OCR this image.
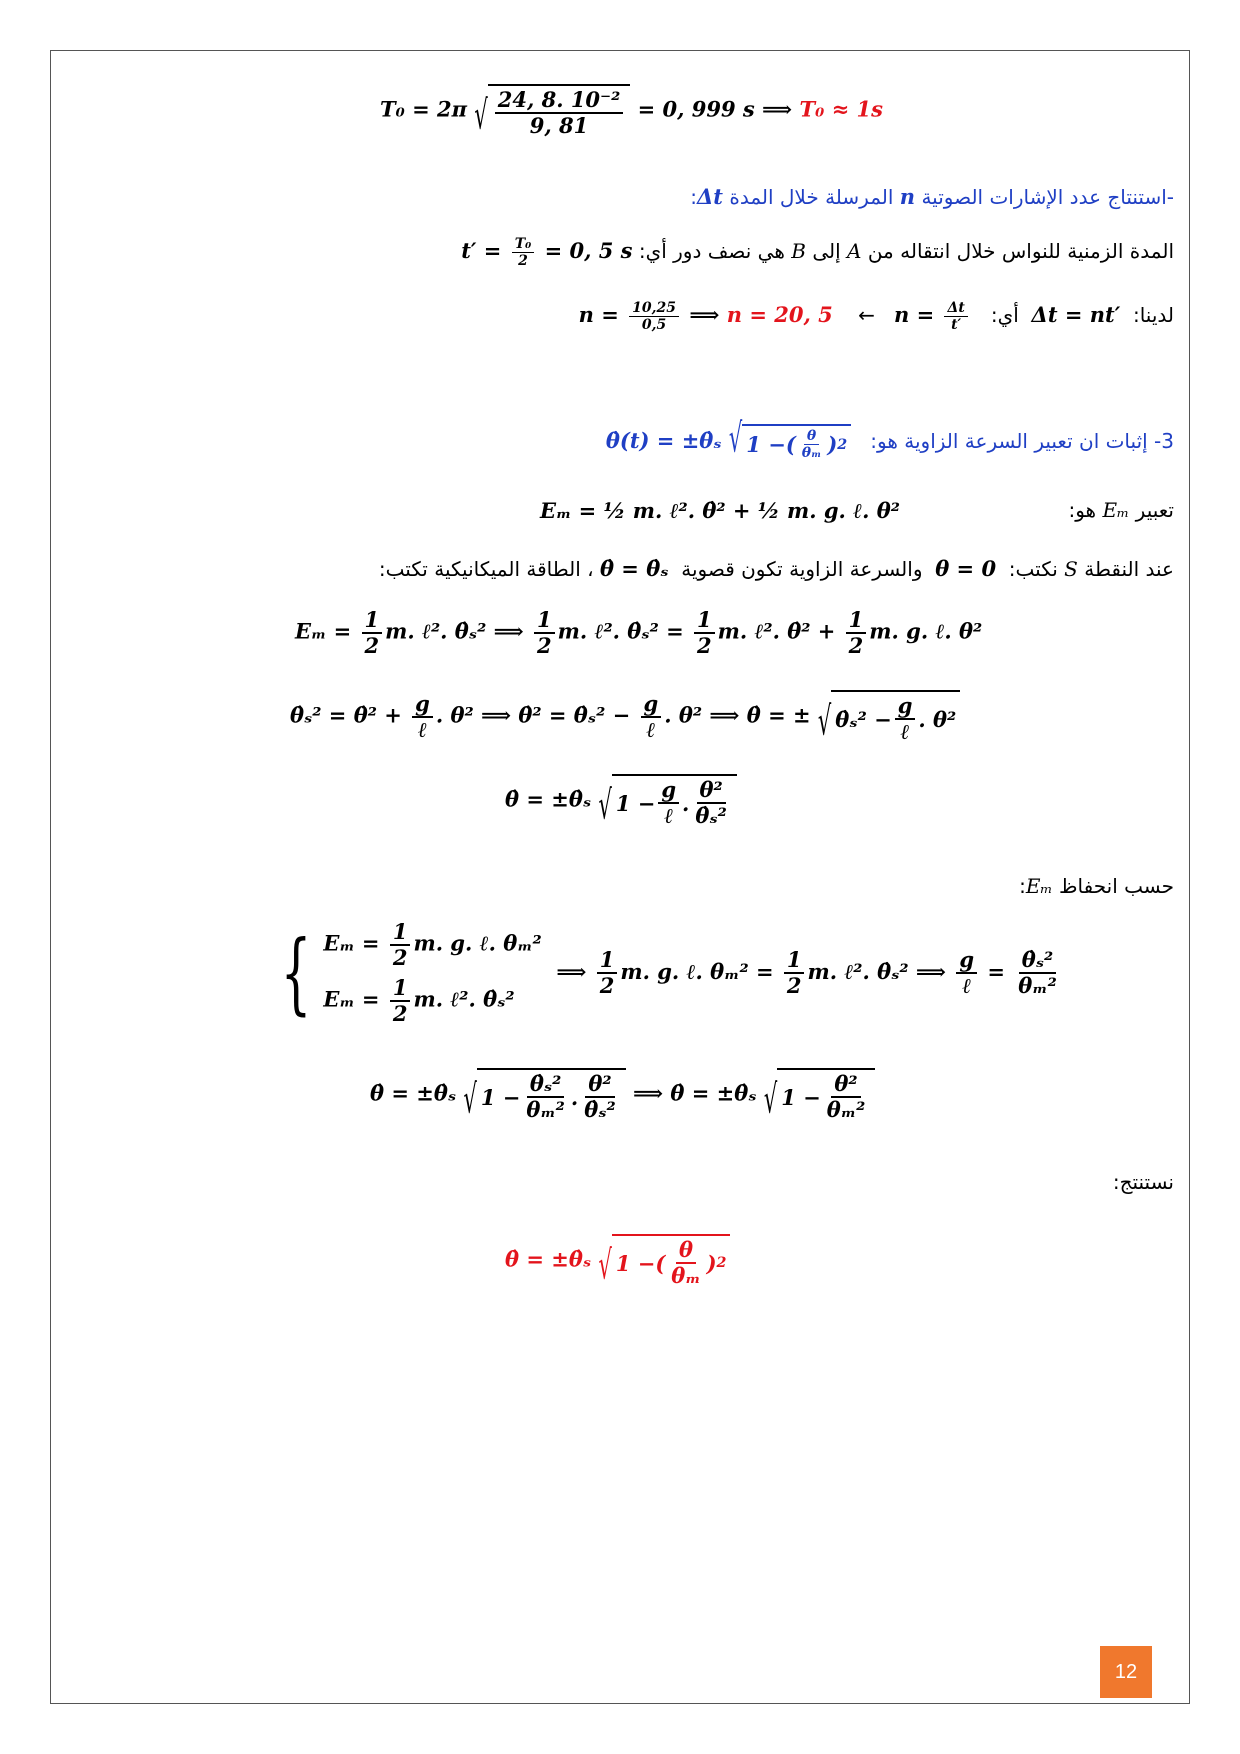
T₀ = 2π √ $\frac{\text{24, 8. 10⁻²}}{9, 81} = 0$, 999 s ⟹ T₀ ≈ 1s
-استنتاج عدد الإشارات الصوتية n المرسلة خلال المدة Δt:
المدة الزمنية للنواس خلال انتقاله من A إلى B هي نصف دور أي: $t' = \frac{\text{T₀}}{2} = 0$, 5 s
لدينا:  Δt = nt′  أي:  $n = \frac{\Delta t}{t'}$
←    $n = \frac{10,25}{0,5}$ ⟹ n = 20, 5
3- إثبات ان تعبير السرعة الزاوية هو:   θ̇(t) = ±θ̇ₛ √ 1 − ( $\frac{\theta}{\text{θₘ}}$ ) 2
تعبير Eₘ هو:
Eₘ = ½ m. ℓ². θ̇² + ½ m. g. ℓ. θ²
عند النقطة S نكتب:  θ = 0  والسرعة الزاوية تكون قصوية  θ̇ = θ̇ₛ ، الطاقة الميكانيكية تكتب:
$E_m = \frac{1}{2} m$. ℓ². θ̇ₛ² ⟹ $\frac{1}{2} m$. ℓ². θ̇ₛ² = $\frac{1}{2} m$. ℓ². θ̇² + $\frac{1}{2} m$. g. ℓ. θ²
θ̇ₛ² = θ̇² + $\frac{g}{\text{ℓ}}$ . θ² ⟹ θ̇² = θ̇ₛ² − $\frac{g}{\text{ℓ}}$ . θ² ⟹ θ̇ = ± √ θ̇ₛ² − $\frac{g}{\text{ℓ}}$ . θ²
θ̇ = ±θ̇ₛ √ $1 - \frac{g}{\text{ℓ}}$ . $\frac{\text{θ²}}{\text{θ̇ₛ²}}$
حسب انحفاظ Eₘ:
{ $E_m = \frac{1}{2} m$. g. ℓ. θₘ²
$E_m = \frac{1}{2} m$. ℓ². θ̇ₛ²
⟹ $\frac{1}{2} m$. g. ℓ. $\theta_m^2 = \frac{1}{2} m$. ℓ². θ̇ₛ² ⟹ $\frac{g}{\text{ℓ}} = \frac{\text{θ̇ₛ²}}{\text{θₘ²}}$
θ̇ = ±θ̇ₛ √ $1 - \frac{\text{θ̇ₛ²}}{\text{θₘ²}}$ . $\frac{\text{θ²}}{\text{θ̇ₛ²}}$ ⟹ θ̇ = ±θ̇ₛ √ $1 - \frac{\text{θ²}}{\text{θₘ²}}$
نستنتج:
θ̇ = ±θ̇ₛ √ 1 − ( $\frac{\theta}{\text{θₘ}}$ ) 2
12
